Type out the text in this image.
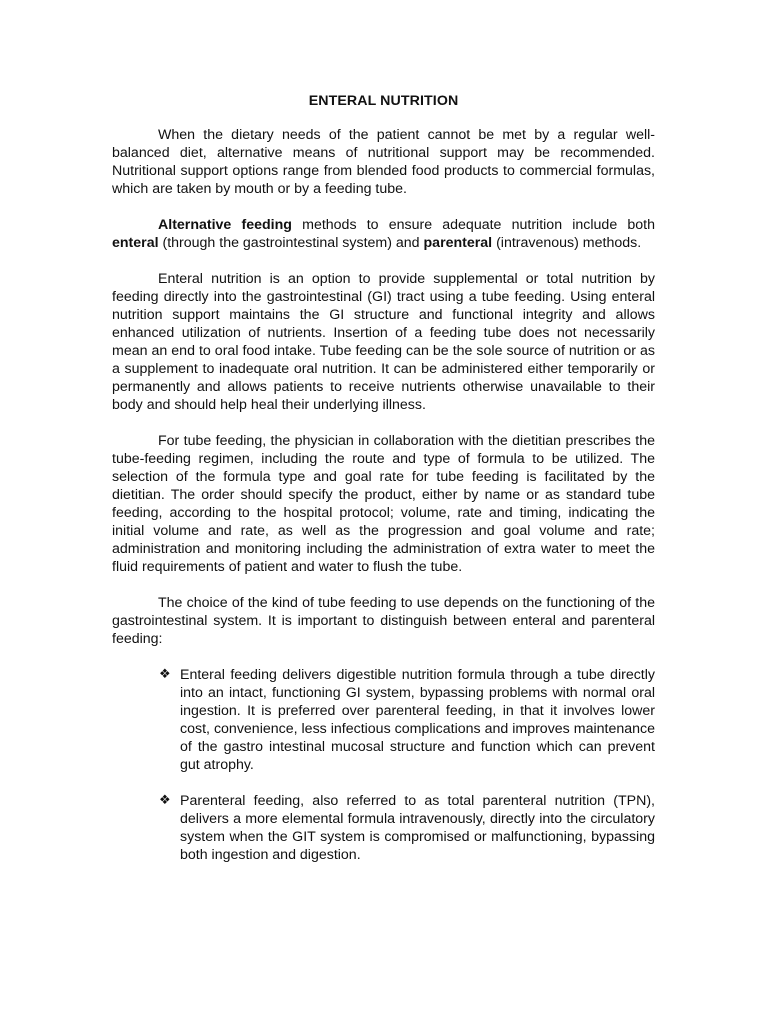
ENTERAL NUTRITION

When the dietary needs of the patient cannot be met by a regular well-balanced diet, alternative means of nutritional support may be recommended. Nutritional support options range from blended food products to commercial formulas, which are taken by mouth or by a feeding tube.

Alternative feeding methods to ensure adequate nutrition include both enteral (through the gastrointestinal system) and parenteral (intravenous) methods.

Enteral nutrition is an option to provide supplemental or total nutrition by feeding directly into the gastrointestinal (GI) tract using a tube feeding. Using enteral nutrition support maintains the GI structure and functional integrity and allows enhanced utilization of nutrients. Insertion of a feeding tube does not necessarily mean an end to oral food intake. Tube feeding can be the sole source of nutrition or as a supplement to inadequate oral nutrition. It can be administered either temporarily or permanently and allows patients to receive nutrients otherwise unavailable to their body and should help heal their underlying illness.

For tube feeding, the physician in collaboration with the dietitian prescribes the tube-feeding regimen, including the route and type of formula to be utilized. The selection of the formula type and goal rate for tube feeding is facilitated by the dietitian. The order should specify the product, either by name or as standard tube feeding, according to the hospital protocol; volume, rate and timing, indicating the initial volume and rate, as well as the progression and goal volume and rate; administration and monitoring including the administration of extra water to meet the fluid requirements of patient and water to flush the tube.

The choice of the kind of tube feeding to use depends on the functioning of the gastrointestinal system. It is important to distinguish between enteral and parenteral feeding:

❖ Enteral feeding delivers digestible nutrition formula through a tube directly into an intact, functioning GI system, bypassing problems with normal oral ingestion. It is preferred over parenteral feeding, in that it involves lower cost, convenience, less infectious complications and improves maintenance of the gastro intestinal mucosal structure and function which can prevent gut atrophy.
❖ Parenteral feeding, also referred to as total parenteral nutrition (TPN), delivers a more elemental formula intravenously, directly into the circulatory system when the GIT system is compromised or malfunctioning, bypassing both ingestion and digestion.
